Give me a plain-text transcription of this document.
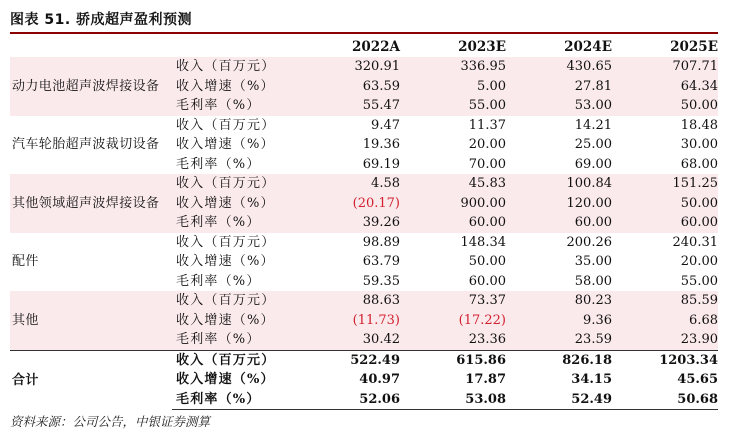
图表 51. 骄成超声盈利预测
		2022A	2023E	2024E	2025E
动力电池超声波焊接设备	收入（百万元）	320.91	336.95	430.65	707.71
	收入增速（%）	63.59	5.00	27.81	64.34
	毛利率（%）	55.47	55.00	53.00	50.00
汽车轮胎超声波裁切设备	收入（百万元）	9.47	11.37	14.21	18.48
	收入增速（%）	19.36	20.00	25.00	30.00
	毛利率（%）	69.19	70.00	69.00	68.00
其他领域超声波焊接设备	收入（百万元）	4.58	45.83	100.84	151.25
	收入增速（%）	(20.17)	900.00	120.00	50.00
	毛利率（%）	39.26	60.00	60.00	60.00
配件	收入（百万元）	98.89	148.34	200.26	240.31
	收入增速（%）	63.79	50.00	35.00	20.00
	毛利率（%）	59.35	60.00	58.00	55.00
其他	收入（百万元）	88.63	73.37	80.23	85.59
	收入增速（%）	(11.73)	(17.22)	9.36	6.68
	毛利率（%）	30.42	23.36	23.59	23.90
合计	收入（百万元）	522.49	615.86	826.18	1203.34
	收入增速（%）	40.97	17.87	34.15	45.65
	毛利率（%）	52.06	53.08	52.49	50.68
资料来源：公司公告，中银证券测算
